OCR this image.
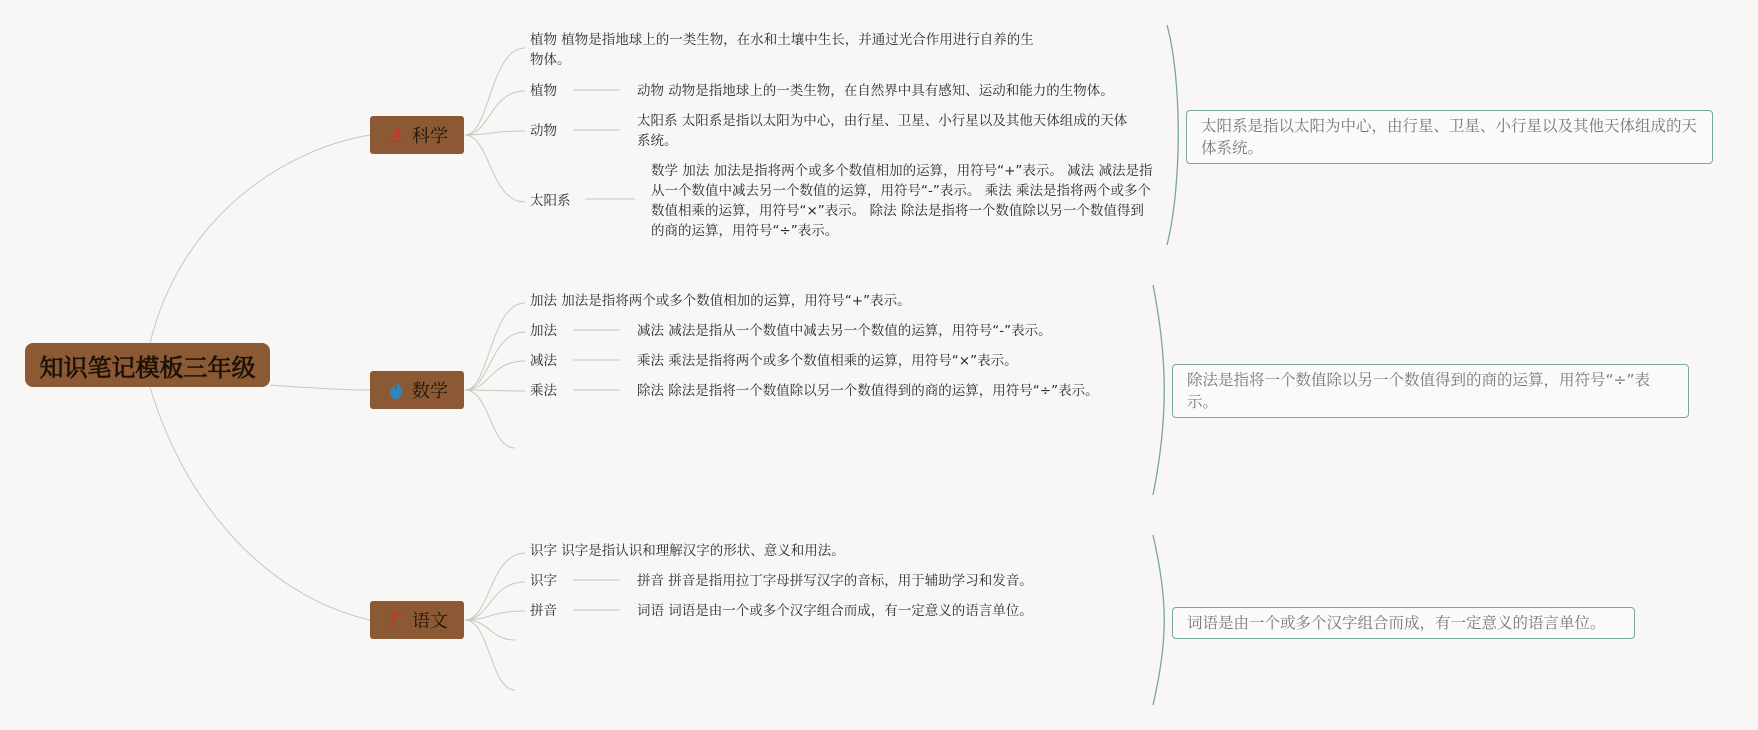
知识笔记模板三年级
科学
植物 植物是指地球上的一类生物，在水和土壤中生长，并通过光合作用进行自养的生物体。
植物
动物
太阳系
动物 动物是指地球上的一类生物，在自然界中具有感知、运动和能力的生物体。
太阳系 太阳系是指以太阳为中心，由行星、卫星、小行星以及其他天体组成的天体系统。
数学 加法 加法是指将两个或多个数值相加的运算，用符号“+”表示。 减法 减法是指从一个数值中减去另一个数值的运算，用符号“-”表示。 乘法 乘法是指将两个或多个数值相乘的运算，用符号“×”表示。 除法 除法是指将一个数值除以另一个数值得到的商的运算，用符号“÷”表示。
太阳系是指以太阳为中心，由行星、卫星、小行星以及其他天体组成的天体系统。
数学
加法 加法是指将两个或多个数值相加的运算，用符号“+”表示。
加法
减法
乘法
减法 减法是指从一个数值中减去另一个数值的运算，用符号“-”表示。
乘法 乘法是指将两个或多个数值相乘的运算，用符号“×”表示。
除法 除法是指将一个数值除以另一个数值得到的商的运算，用符号“÷”表示。
除法是指将一个数值除以另一个数值得到的商的运算，用符号“÷”表示。
语文
识字 识字是指认识和理解汉字的形状、意义和用法。
识字
拼音
拼音 拼音是指用拉丁字母拼写汉字的音标，用于辅助学习和发音。
词语 词语是由一个或多个汉字组合而成，有一定意义的语言单位。
词语是由一个或多个汉字组合而成，有一定意义的语言单位。
